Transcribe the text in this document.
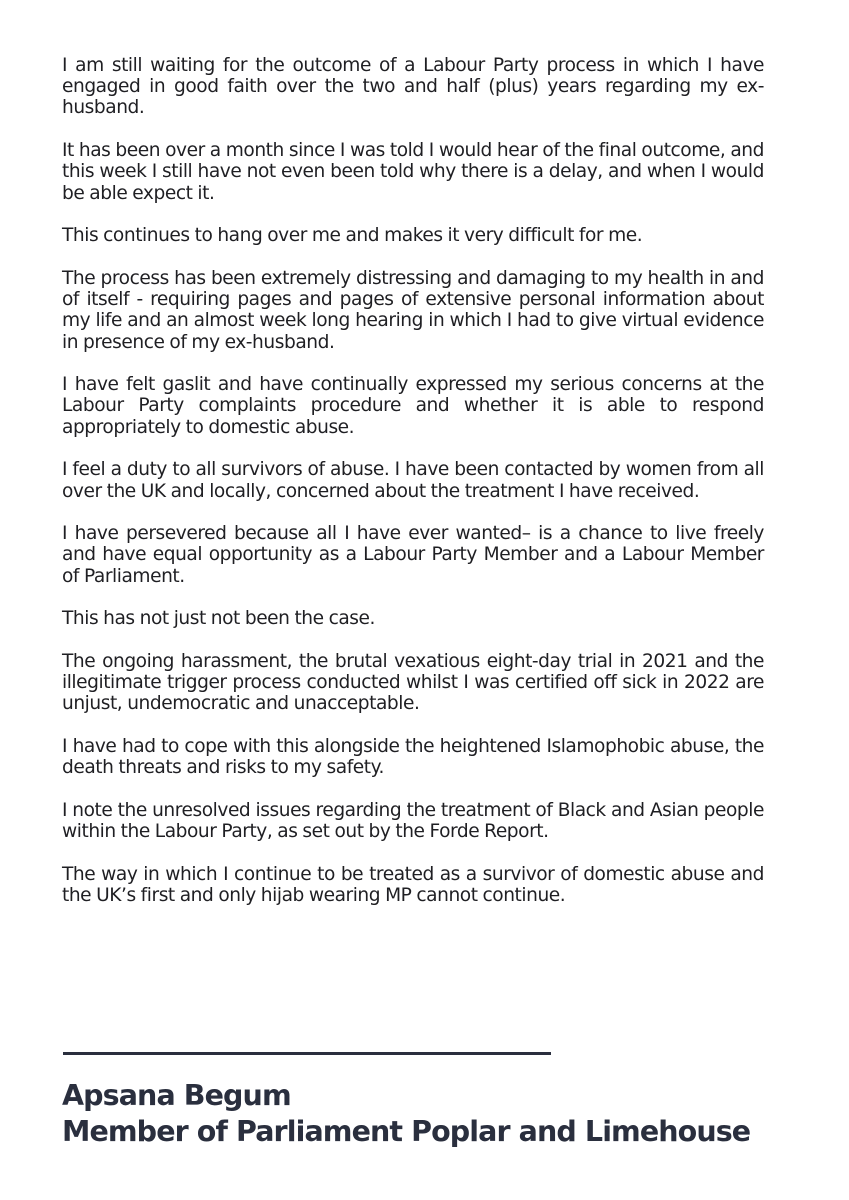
I am still waiting for the outcome of a Labour Party process in which I have engaged in good faith over the two and half (plus) years regarding my ex-husband.

It has been over a month since I was told I would hear of the final outcome, and this week I still have not even been told why there is a delay, and when I would be able expect it.

This continues to hang over me and makes it very difficult for me.

The process has been extremely distressing and damaging to my health in and of itself - requiring pages and pages of extensive personal information about my life and an almost week long hearing in which I had to give virtual evidence in presence of my ex-husband.

I have felt gaslit and have continually expressed my serious concerns at the Labour Party complaints procedure and whether it is able to respond appropriately to domestic abuse.

I feel a duty to all survivors of abuse. I have been contacted by women from all over the UK and locally, concerned about the treatment I have received.

I have persevered because all I have ever wanted– is a chance to live freely and have equal opportunity as a Labour Party Member and a Labour Member of Parliament.

This has not just not been the case.

The ongoing harassment, the brutal vexatious eight-day trial in 2021 and the illegitimate trigger process conducted whilst I was certified off sick in 2022 are unjust, undemocratic and unacceptable.

I have had to cope with this alongside the heightened Islamophobic abuse, the death threats and risks to my safety.

I note the unresolved issues regarding the treatment of Black and Asian people within the Labour Party, as set out by the Forde Report.

The way in which I continue to be treated as a survivor of domestic abuse and the UK’s first and only hijab wearing MP cannot continue.

Apsana Begum
Member of Parliament Poplar and Limehouse
